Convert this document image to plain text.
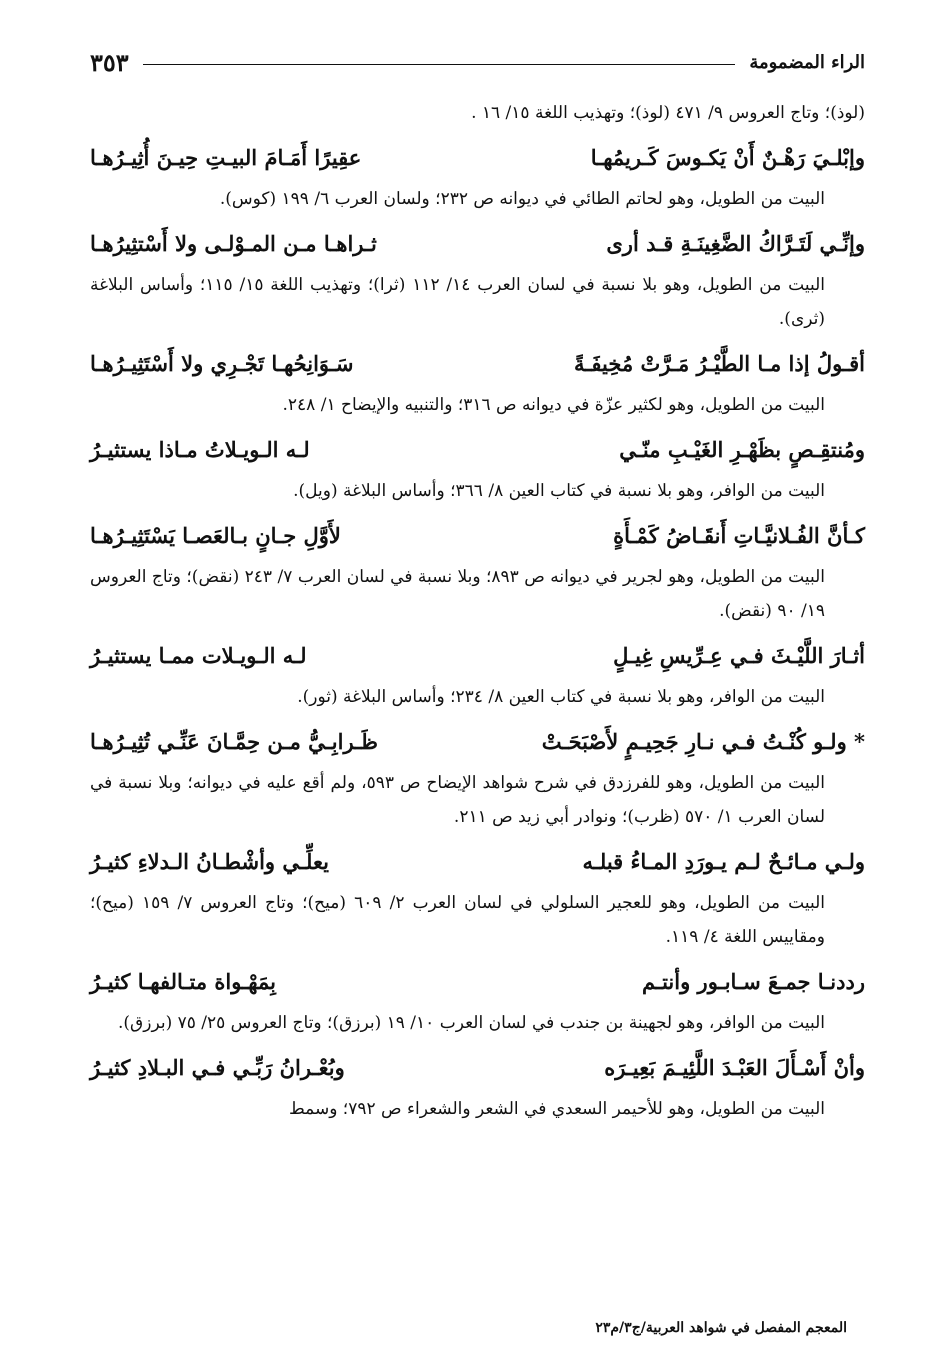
الراء المضمومة
٣٥٣
(لوذ)؛ وتاج العروس ٩/ ٤٧١ (لوذ)؛ وتهذيب اللغة ١٥/ ١٦ .
وإبْلـيَ رَهْـنٌ أَنْ يَكـوسَ كَـريمُهـا
عقِيرًا أَمَـامَ البيـتِ حِيـنَ أُثِيـرُهـا
البيت من الطويل، وهو لحاتم الطائي في ديوانه ص ٢٣٢؛ ولسان العرب ٦/ ١٩٩ (كوس).
وإنِّـي لَتَـرَّاكُ الضَّغِينَـةِ قـد أرى
ثـراهـا مـن المـوْلـى ولا أَسْتثِيرُهـا
البيت من الطويل، وهو بلا نسبة في لسان العرب ١٤/ ١١٢ (ثرا)؛ وتهذيب اللغة ١٥/ ١١٥؛ وأساس البلاغة (ثرى).
أقـولُ إذا مـا الطَّيْـرُ مَـرَّتْ مُخِيفَـةً
سَـوَانِحُهـا تَجْـرِي ولا أَسْتَثِيـرُهـا
البيت من الطويل، وهو لكثير عزّة في ديوانه ص ٣١٦؛ والتنبيه والإيضاح ١/ ٢٤٨.
ومُنتقِـصٍ بظَهْـرِ الغَيْـبِ منّـي
لـه الـويـلاتُ مـاذا يستثيـرُ
البيت من الوافر، وهو بلا نسبة في كتاب العين ٨/ ٣٦٦؛ وأساس البلاغة (ويل).
كـأنَّ الفُـلانيَّـاتِ أَنقَـاضُ كَمْـأَةٍ
لأَوَّلِ جـانٍ بـالعَصـا يَسْتَثِيـرُهـا
البيت من الطويل، وهو لجرير في ديوانه ص ٨٩٣؛ وبلا نسبة في لسان العرب ٧/ ٢٤٣ (نقض)؛ وتاج العروس ١٩/ ٩٠ (نقض).
أثـارَ اللَّيْـثَ فـي عِـرِّيسِ غِيـلٍ
لـه الـويـلات ممـا يستثيـرُ
البيت من الوافر، وهو بلا نسبة في كتاب العين ٨/ ٢٣٤؛ وأساس البلاغة (ثور).
* ولـو كُنْـتُ فـي نـارِ جَحِيـمٍ لأَصْبَحَـتْ
ظَـرابِـيُّ مـن حِمَّـانَ عَنِّـي تُثِيـرُهـا
البيت من الطويل، وهو للفرزدق في شرح شواهد الإيضاح ص ٥٩٣، ولم أقع عليه في ديوانه؛ وبلا نسبة في لسان العرب ١/ ٥٧٠ (ظرب)؛ ونوادر أبي زيد ص ٢١١.
ولـي مـائـحٌ لـم يـورَدِ المـاءُ قبلـه
يعلِّـي وأشْطـانُ الـدلاءِ كثيـرُ
البيت من الطويل، وهو للعجير السلولي في لسان العرب ٢/ ٦٠٩ (ميح)؛ وتاج العروس ٧/ ١٥٩ (ميح)؛ ومقاييس اللغة ٤/ ١١٩.
رددنـا جمـعَ سـابـور وأنتـم
بِمَهْـواة متـالفهـا كثيـرُ
البيت من الوافر، وهو لجهينة بن جندب في لسان العرب ١٠/ ١٩ (برزق)؛ وتاج العروس ٢٥/ ٧٥ (برزق).
وأنْ أَسْـأَلَ العَبْـدَ اللَّئِيـمَ بَعِيـرَه
وبُعْـرانُ رَبِّـي فـي البـلادِ كثيـرُ
البيت من الطويل، وهو للأحيمر السعدي في الشعر والشعراء ص ٧٩٢؛ وسمط
المعجم المفصل في شواهد العربية/ج٣/م٢٣
